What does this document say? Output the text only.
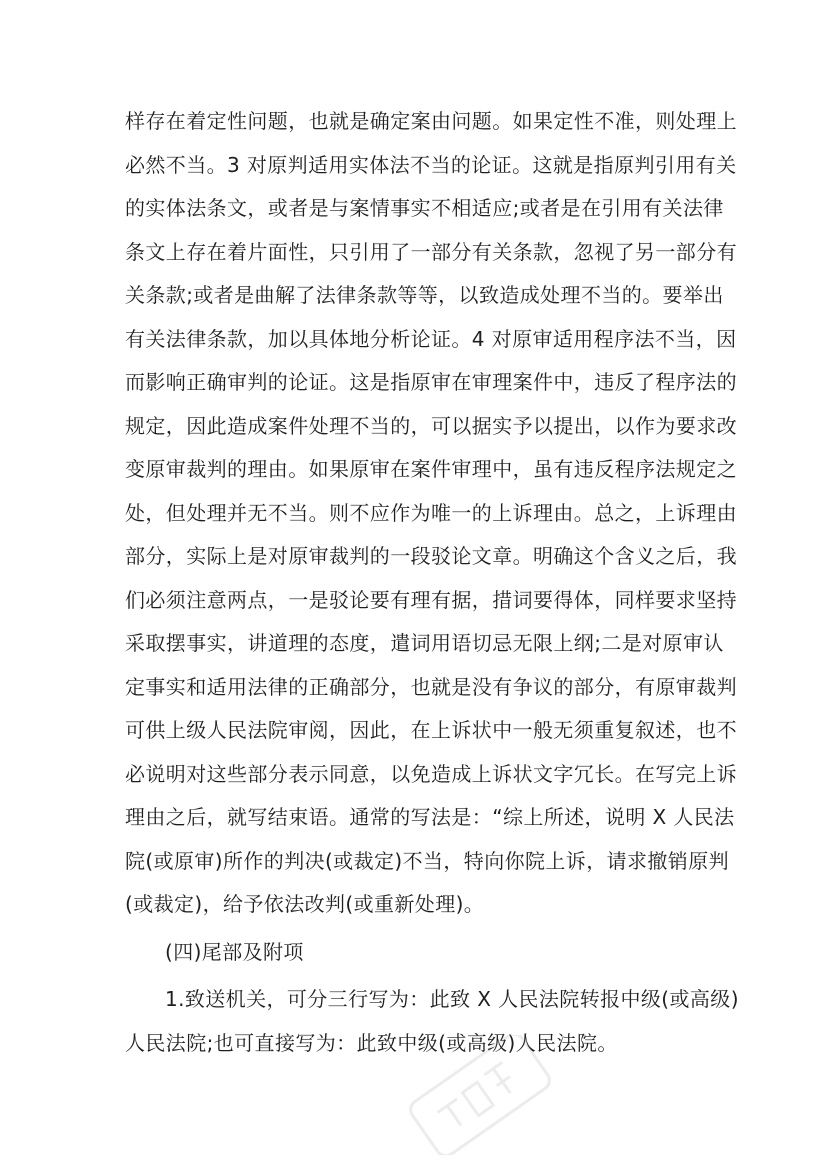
样存在着定性问题，也就是确定案由问题。如果定性不准，则处理上
必然不当。3 对原判适用实体法不当的论证。这就是指原判引用有关
的实体法条文，或者是与案情事实不相适应;或者是在引用有关法律
条文上存在着片面性，只引用了一部分有关条款，忽视了另一部分有
关条款;或者是曲解了法律条款等等，以致造成处理不当的。要举出
有关法律条款，加以具体地分析论证。4 对原审适用程序法不当，因
而影响正确审判的论证。这是指原审在审理案件中，违反了程序法的
规定，因此造成案件处理不当的，可以据实予以提出，以作为要求改
变原审裁判的理由。如果原审在案件审理中，虽有违反程序法规定之
处，但处理并无不当。则不应作为唯一的上诉理由。总之，上诉理由
部分，实际上是对原审裁判的一段驳论文章。明确这个含义之后，我
们必须注意两点，一是驳论要有理有据，措词要得体，同样要求坚持
采取摆事实，讲道理的态度，遣词用语切忌无限上纲;二是对原审认
定事实和适用法律的正确部分，也就是没有争议的部分，有原审裁判
可供上级人民法院审阅，因此，在上诉状中一般无须重复叙述，也不
必说明对这些部分表示同意，以免造成上诉状文字冗长。在写完上诉
理由之后，就写结束语。通常的写法是：“综上所述，说明 X 人民法
院(或原审)所作的判决(或裁定)不当，特向你院上诉，请求撤销原判
(或裁定)，给予依法改判(或重新处理)。
(四)尾部及附项
1.致送机关，可分三行写为：此致 X 人民法院转报中级(或高级)
人民法院;也可直接写为：此致中级(或高级)人民法院。
